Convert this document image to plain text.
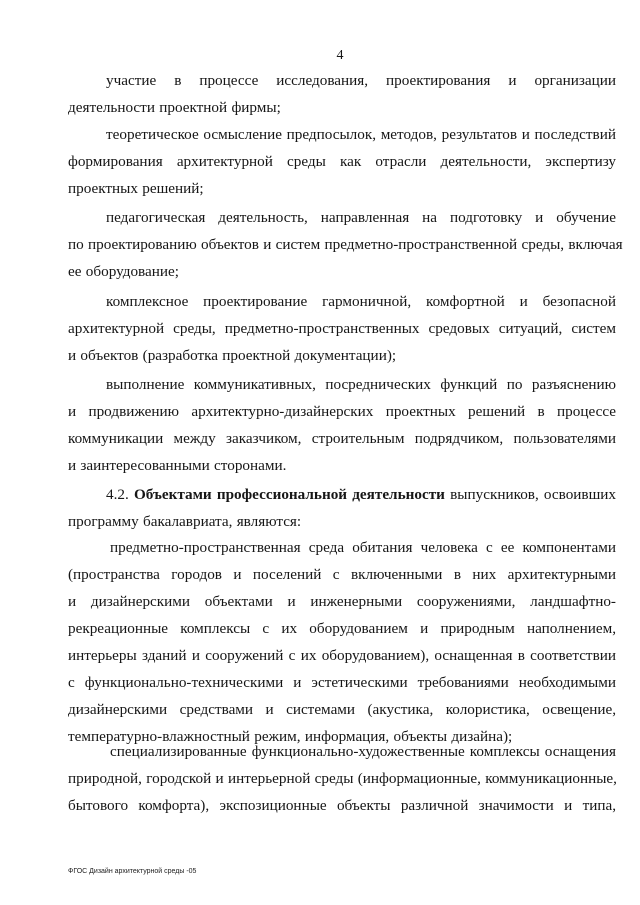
4
участие в процессе исследования, проектирования и организации
деятельности проектной фирмы;
теоретическое осмысление предпосылок, методов, результатов и последствий
формирования архитектурной среды как отрасли деятельности, экспертизу
проектных решений;
педагогическая деятельность, направленная на подготовку и обучение
по проектированию объектов и систем предметно-пространственной среды, включая
ее оборудование;
комплексное проектирование гармоничной, комфортной и безопасной
архитектурной среды, предметно-пространственных средовых ситуаций, систем
и объектов (разработка проектной документации);
выполнение коммуникативных, посреднических функций по разъяснению
и продвижению архитектурно-дизайнерских проектных решений в процессе
коммуникации между заказчиком, строительным подрядчиком, пользователями
и заинтересованными сторонами.
4.2. Объектами профессиональной деятельности выпускников, освоивших
программу бакалавриата, являются:
предметно-пространственная среда обитания человека с ее компонентами
(пространства городов и поселений с включенными в них архитектурными
и дизайнерскими объектами и инженерными сооружениями, ландшафтно-
рекреационные комплексы с их оборудованием и природным наполнением,
интерьеры зданий и сооружений с их оборудованием), оснащенная в соответствии
с функционально-техническими и эстетическими требованиями необходимыми
дизайнерскими средствами и системами (акустика, колористика, освещение,
температурно-влажностный режим, информация, объекты дизайна);
специализированные функционально-художественные комплексы оснащения
природной, городской и интерьерной среды (информационные, коммуникационные,
бытового комфорта), экспозиционные объекты различной значимости и типа,
ФГОС Дизайн архитектурной среды -05
